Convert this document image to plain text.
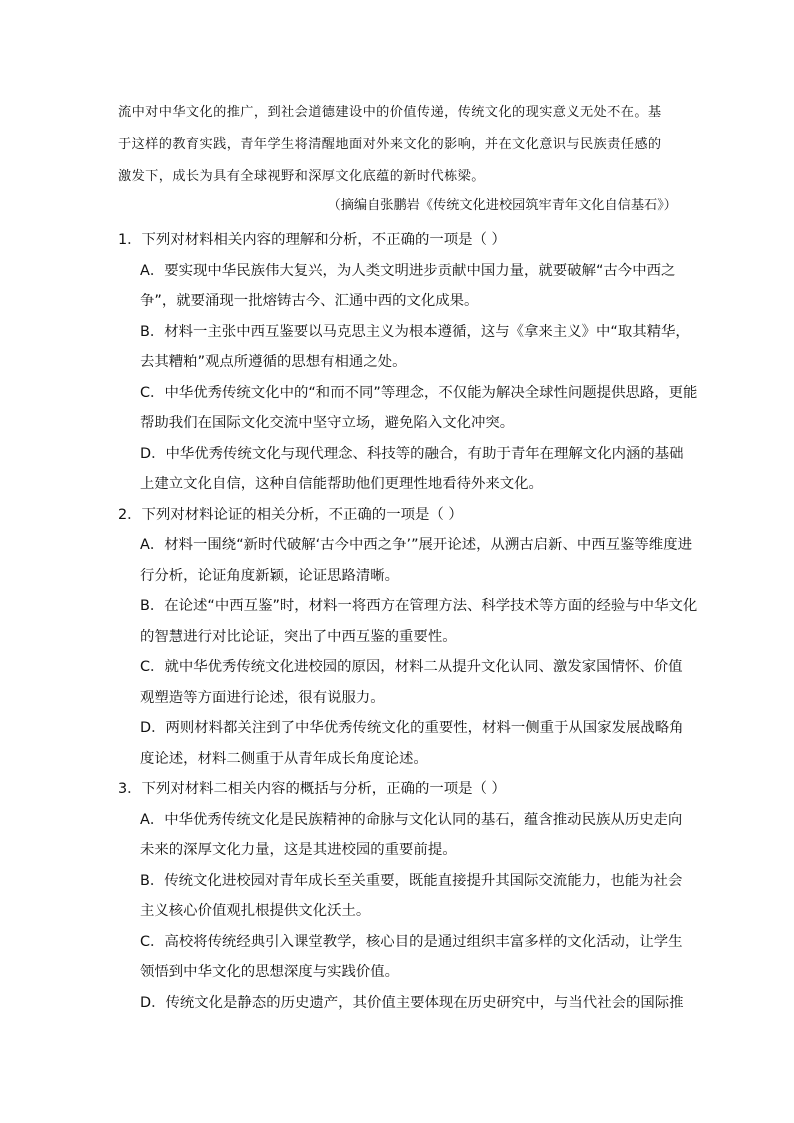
流中对中华文化的推广，到社会道德建设中的价值传递，传统文化的现实意义无处不在。基

于这样的教育实践，青年学生将清醒地面对外来文化的影响，并在文化意识与民族责任感的

激发下，成长为具有全球视野和深厚文化底蕴的新时代栋梁。

（摘编自张鹏岩《传统文化进校园筑牢青年文化自信基石》）

1．下列对材料相关内容的理解和分析，不正确的一项是（ ）

A．要实现中华民族伟大复兴，为人类文明进步贡献中国力量，就要破解“古今中西之
争”，就要涌现一批熔铸古今、汇通中西的文化成果。
B．材料一主张中西互鉴要以马克思主义为根本遵循，这与《拿来主义》中“取其精华，
去其糟粕”观点所遵循的思想有相通之处。
C．中华优秀传统文化中的“和而不同”等理念，不仅能为解决全球性问题提供思路，更能
帮助我们在国际文化交流中坚守立场，避免陷入文化冲突。
D．中华优秀传统文化与现代理念、科技等的融合，有助于青年在理解文化内涵的基础
上建立文化自信，这种自信能帮助他们更理性地看待外来文化。

2．下列对材料论证的相关分析，不正确的一项是（ ）

A．材料一围绕“新时代破解‘古今中西之争’”展开论述，从溯古启新、中西互鉴等维度进
行分析，论证角度新颖，论证思路清晰。
B．在论述“中西互鉴”时，材料一将西方在管理方法、科学技术等方面的经验与中华文化
的智慧进行对比论证，突出了中西互鉴的重要性。
C．就中华优秀传统文化进校园的原因，材料二从提升文化认同、激发家国情怀、价值
观塑造等方面进行论述，很有说服力。
D．两则材料都关注到了中华优秀传统文化的重要性，材料一侧重于从国家发展战略角
度论述，材料二侧重于从青年成长角度论述。

3．下列对材料二相关内容的概括与分析，正确的一项是（ ）

A．中华优秀传统文化是民族精神的命脉与文化认同的基石，蕴含推动民族从历史走向
未来的深厚文化力量，这是其进校园的重要前提。
B．传统文化进校园对青年成长至关重要，既能直接提升其国际交流能力，也能为社会
主义核心价值观扎根提供文化沃土。
C．高校将传统经典引入课堂教学，核心目的是通过组织丰富多样的文化活动，让学生
领悟到中华文化的思想深度与实践价值。
D．传统文化是静态的历史遗产，其价值主要体现在历史研究中，与当代社会的国际推
